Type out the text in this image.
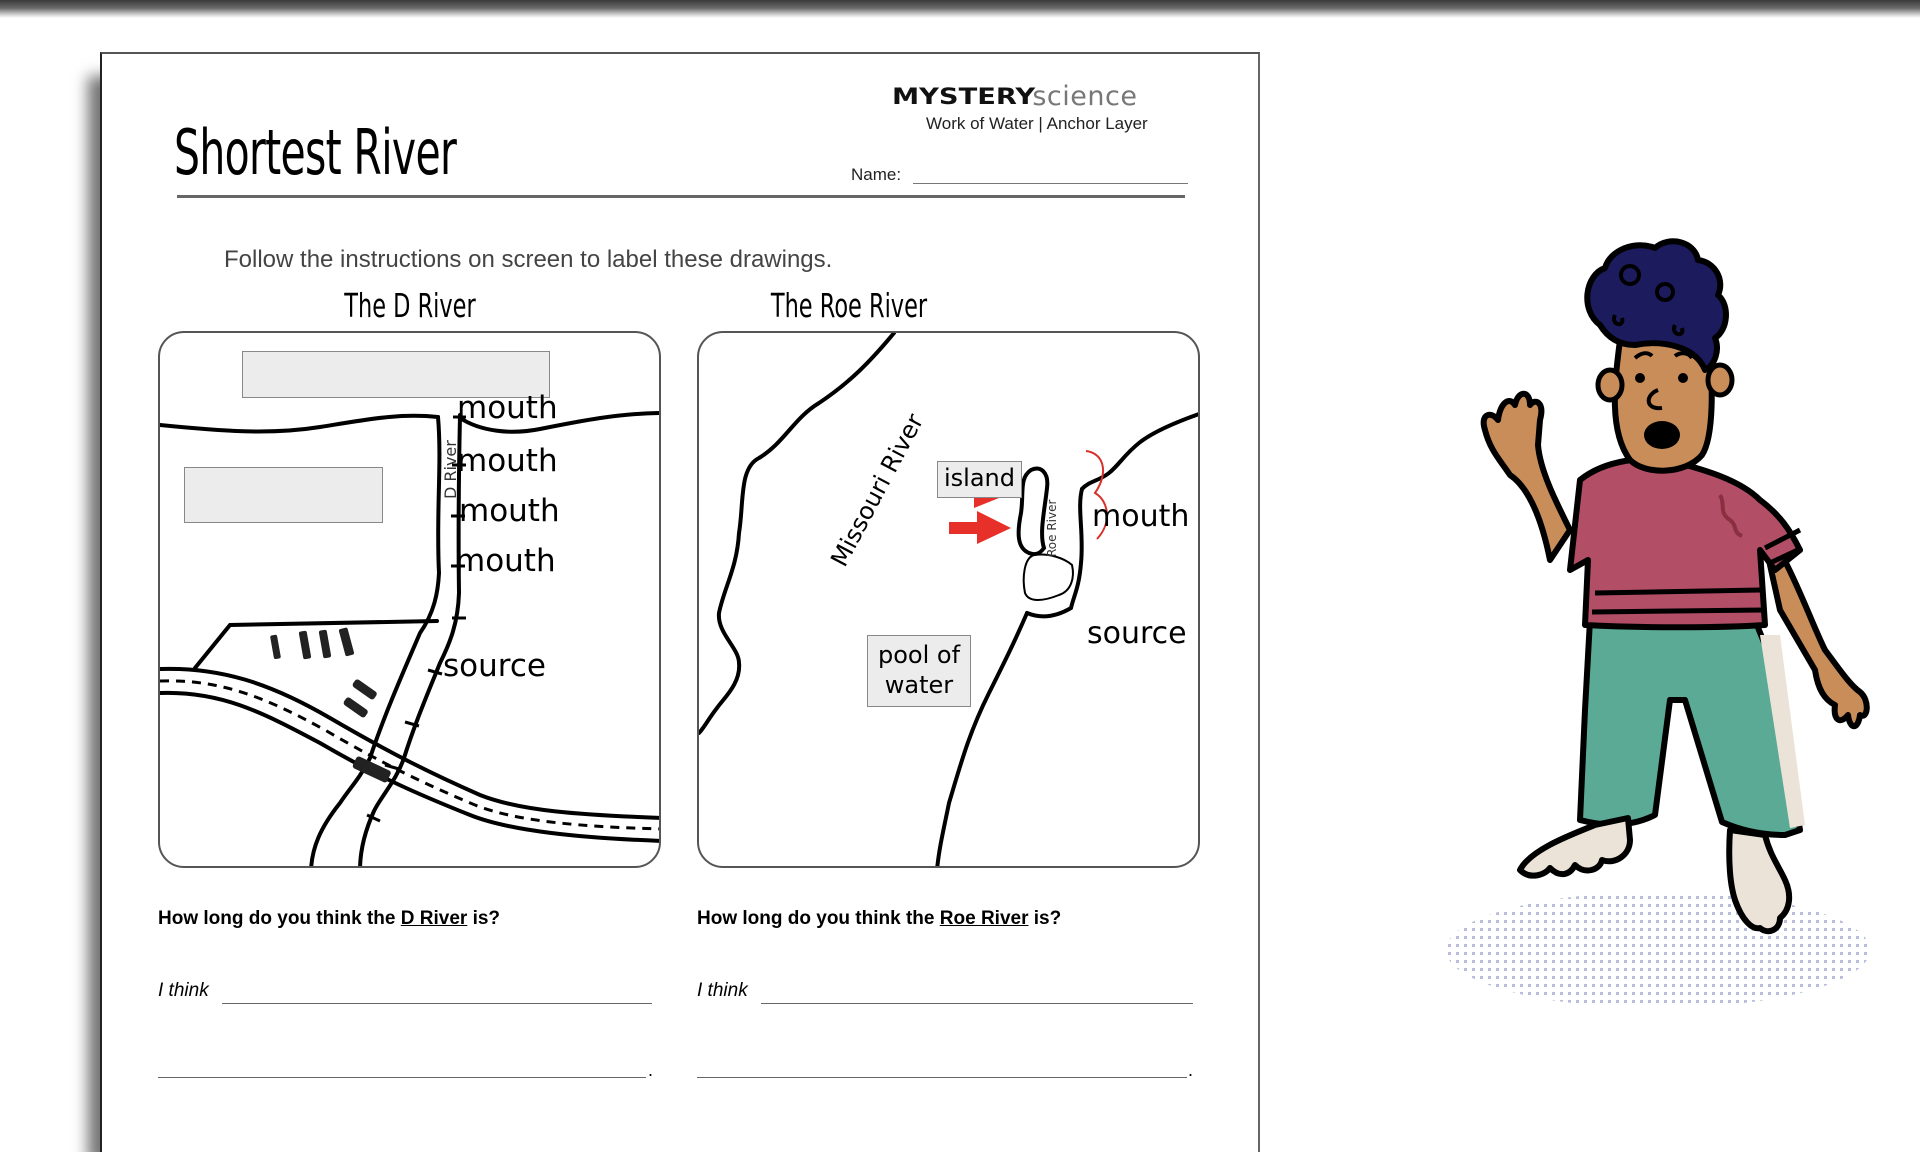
Shortest River
MYSTERYscience
Work of Water | Anchor Layer
Name:
Follow the instructions on screen to label these drawings.
The D River	The Roe River
D River
mouth
mouth
mouth
mouth
source
island
pool of
water
Missouri River	Roe River mouth
source
How long do you think the D River is?
I think
.
How long do you think the Roe River is?
I think
.
